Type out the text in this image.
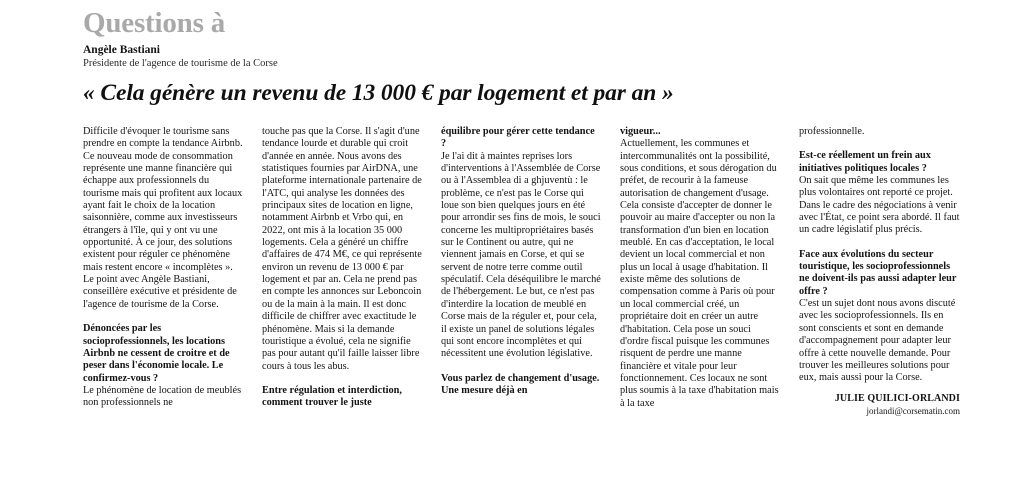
Questions à

Angèle Bastiani

Présidente de l'agence de tourisme de la Corse

« Cela génère un revenu de 13 000 € par logement et par an »

Difficile d'évoquer le tourisme sans prendre en compte la tendance Airbnb. Ce nouveau mode de consommation représente une manne financière qui échappe aux professionnels du tourisme mais qui profitent aux locaux ayant fait le choix de la location saisonnière, comme aux investisseurs étrangers à l'île, qui y ont vu une opportunité. À ce jour, des solutions existent pour réguler ce phénomène mais restent encore « incomplètes ». Le point avec Angèle Bastiani, conseillère exécutive et présidente de l'agence de tourisme de la Corse.

Dénoncées par les socioprofessionnels, les locations Airbnb ne cessent de croitre et de peser dans l'économie locale. Le confirmez-vous ?

Le phénomène de location de meublés non professionnels ne

touche pas que la Corse. Il s'agit d'une tendance lourde et durable qui croit d'année en année. Nous avons des statistiques fournies par AirDNA, une plateforme internationale partenaire de l'ATC, qui analyse les données des principaux sites de location en ligne, notamment Airbnb et Vrbo qui, en 2022, ont mis à la location 35 000 logements. Cela a généré un chiffre d'affaires de 474 M€, ce qui représente environ un revenu de 13 000 € par logement et par an. Cela ne prend pas en compte les annonces sur Leboncoin ou de la main à la main. Il est donc difficile de chiffrer avec exactitude le phénomène. Mais si la demande touristique a évolué, cela ne signifie pas pour autant qu'il faille laisser libre cours à tous les abus.

Entre régulation et interdiction, comment trouver le juste

équilibre pour gérer cette tendance ?

Je l'ai dit à maintes reprises lors d'interventions à l'Assemblée de Corse ou à l'Assemblea di a ghjuventù : le problème, ce n'est pas le Corse qui loue son bien quelques jours en été pour arrondir ses fins de mois, le souci concerne les multipropriétaires basés sur le Continent ou autre, qui ne viennent jamais en Corse, et qui se servent de notre terre comme outil spéculatif. Cela déséquilibre le marché de l'hébergement. Le but, ce n'est pas d'interdire la location de meublé en Corse mais de la réguler et, pour cela, il existe un panel de solutions légales qui sont encore incomplètes et qui nécessitent une évolution législative.

Vous parlez de changement d'usage. Une mesure déjà en

vigueur...

Actuellement, les communes et intercommunalités ont la possibilité, sous conditions, et sous dérogation du préfet, de recourir à la fameuse autorisation de changement d'usage. Cela consiste d'accepter de donner le pouvoir au maire d'accepter ou non la transformation d'un bien en location meublé. En cas d'acceptation, le local devient un local commercial et non plus un local à usage d'habitation. Il existe même des solutions de compensation comme à Paris où pour un local commercial créé, un propriétaire doit en créer un autre d'habitation. Cela pose un souci d'ordre fiscal puisque les communes risquent de perdre une manne financière et vitale pour leur fonctionnement. Ces locaux ne sont plus soumis à la taxe d'habitation mais à la taxe

professionnelle.

Est-ce réellement un frein aux initiatives politiques locales ?

On sait que même les communes les plus volontaires ont reporté ce projet. Dans le cadre des négociations à venir avec l'État, ce point sera abordé. Il faut un cadre législatif plus précis.

Face aux évolutions du secteur touristique, les socioprofessionnels ne doivent-ils pas aussi adapter leur offre ?

C'est un sujet dont nous avons discuté avec les socioprofessionnels. Ils en sont conscients et sont en demande d'accompagnement pour adapter leur offre à cette nouvelle demande. Pour trouver les meilleures solutions pour eux, mais aussi pour la Corse.

JULIE QUILICI-ORLANDI

jorlandi@corsematin.com
